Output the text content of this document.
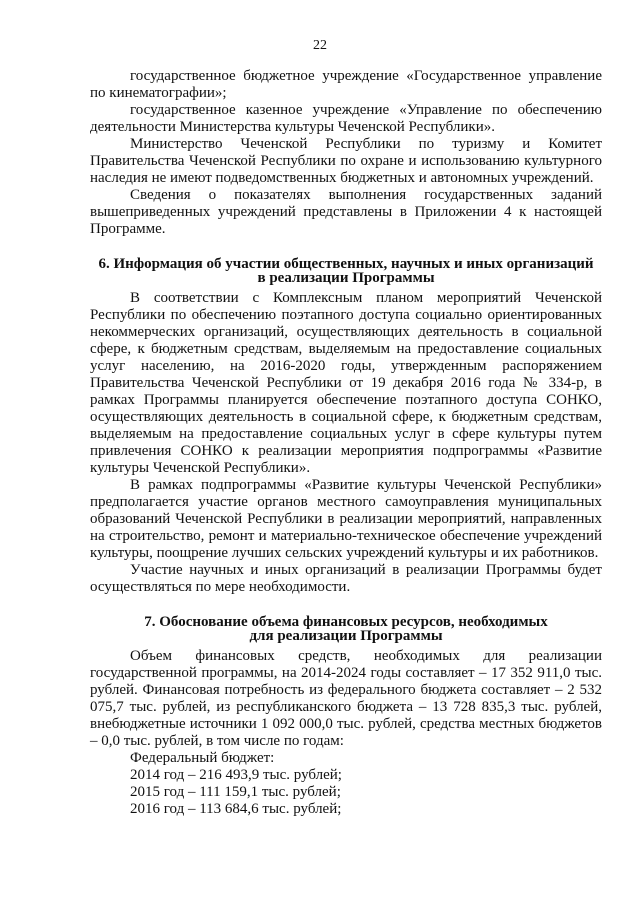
22

государственное бюджетное учреждение «Государственное управление по кинематографии»;

государственное казенное учреждение «Управление по обеспечению деятельности Министерства культуры Чеченской Республики».

Министерство Чеченской Республики по туризму и Комитет Правительства Чеченской Республики по охране и использованию культурного наследия не имеют подведомственных бюджетных и автономных учреждений.

Сведения о показателях выполнения государственных заданий вышеприведенных учреждений представлены в Приложении 4 к настоящей Программе.

6. Информация об участии общественных, научных и иных организаций
в реализации Программы

В соответствии с Комплексным планом мероприятий Чеченской Республики по обеспечению поэтапного доступа социально ориентированных некоммерческих организаций, осуществляющих деятельность в социальной сфере, к бюджетным средствам, выделяемым на предоставление социальных услуг населению, на 2016-2020 годы, утвержденным распоряжением Правительства Чеченской Республики от 19 декабря 2016 года № 334-р, в рамках Программы планируется обеспечение поэтапного доступа СОНКО, осуществляющих деятельность в социальной сфере, к бюджетным средствам, выделяемым на предоставление социальных услуг в сфере культуры путем привлечения СОНКО к реализации мероприятия подпрограммы «Развитие культуры Чеченской Республики».

В рамках подпрограммы «Развитие культуры Чеченской Республики» предполагается участие органов местного самоуправления муниципальных образований Чеченской Республики в реализации мероприятий, направленных на строительство, ремонт и материально-техническое обеспечение учреждений культуры, поощрение лучших сельских учреждений культуры и их работников.

Участие научных и иных организаций в реализации Программы будет осуществляться по мере необходимости.

7. Обоснование объема финансовых ресурсов, необходимых
для реализации Программы

Объем финансовых средств, необходимых для реализации государственной программы, на 2014-2024 годы составляет – 17 352 911,0 тыс. рублей. Финансовая потребность из федерального бюджета составляет – 2 532 075,7 тыс. рублей, из республиканского бюджета – 13 728 835,3 тыс. рублей, внебюджетные источники 1 092 000,0 тыс. рублей, средства местных бюджетов – 0,0 тыс. рублей, в том числе по годам:

Федеральный бюджет:

2014 год – 216 493,9 тыс. рублей;

2015 год – 111 159,1 тыс. рублей;

2016 год – 113 684,6 тыс. рублей;
